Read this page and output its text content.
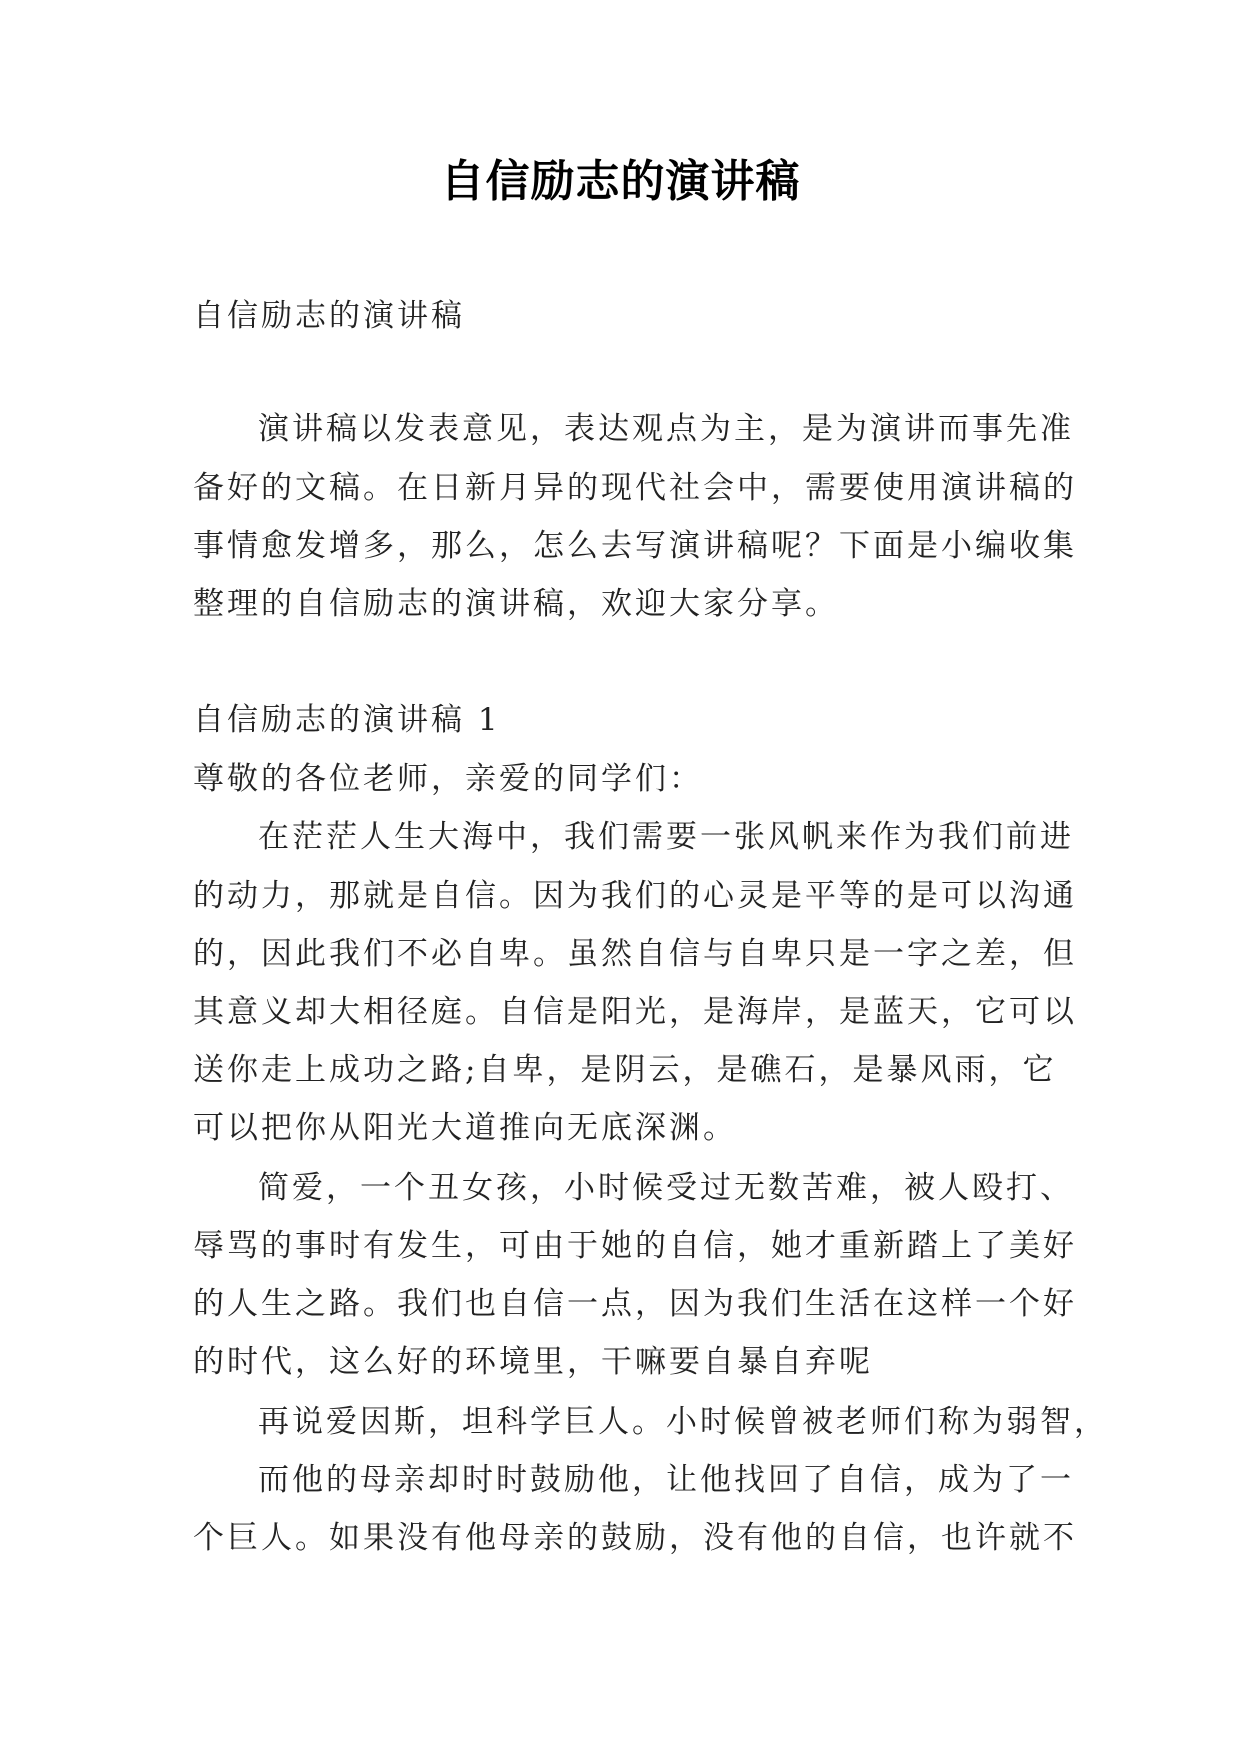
自信励志的演讲稿
自信励志的演讲稿
演讲稿以发表意见，表达观点为主，是为演讲而事先准
备好的文稿。在日新月异的现代社会中，需要使用演讲稿的
事情愈发增多，那么，怎么去写演讲稿呢？下面是小编收集
整理的自信励志的演讲稿，欢迎大家分享。
自信励志的演讲稿 1
尊敬的各位老师，亲爱的同学们：
在茫茫人生大海中，我们需要一张风帆来作为我们前进
的动力，那就是自信。因为我们的心灵是平等的是可以沟通
的，因此我们不必自卑。虽然自信与自卑只是一字之差，但
其意义却大相径庭。自信是阳光，是海岸，是蓝天，它可以
送你走上成功之路;自卑，是阴云，是礁石，是暴风雨，它
可以把你从阳光大道推向无底深渊。
简爱，一个丑女孩，小时候受过无数苦难，被人殴打、
辱骂的事时有发生，可由于她的自信，她才重新踏上了美好
的人生之路。我们也自信一点，因为我们生活在这样一个好
的时代，这么好的环境里，干嘛要自暴自弃呢
再说爱因斯，坦科学巨人。小时候曾被老师们称为弱智，
而他的母亲却时时鼓励他，让他找回了自信，成为了一
个巨人。如果没有他母亲的鼓励，没有他的自信，也许就不
